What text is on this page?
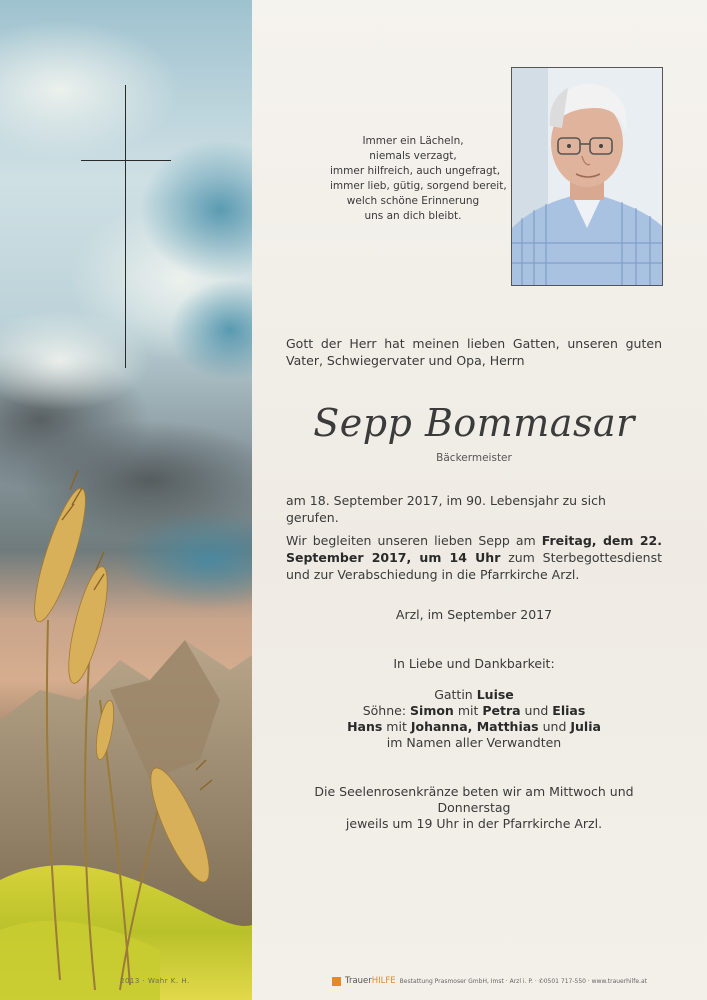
2013 · Wahr K. H.
Immer ein Lächeln,
niemals verzagt,
immer hilfreich, auch ungefragt,
immer lieb, gütig, sorgend bereit,
welch schöne Erinnerung
uns an dich bleibt.
Gott der Herr hat meinen lieben Gatten, unseren guten Vater, Schwiegervater und Opa, Herrn
Sepp Bommasar
Bäckermeister
am 18. September 2017, im 90. Lebensjahr zu sich gerufen.
Wir begleiten unseren lieben Sepp am Freitag, dem 22. September 2017, um 14 Uhr zum Sterbegottesdienst und zur Verabschiedung in die Pfarrkirche Arzl.
Arzl, im September 2017
In Liebe und Dankbarkeit:
Gattin Luise
Söhne: Simon mit Petra und Elias
Hans mit Johanna, Matthias und Julia
im Namen aller Verwandten
Die Seelenrosenkränze beten wir am Mittwoch und Donnerstag
jeweils um 19 Uhr in der Pfarrkirche Arzl.
TrauerHILFE Bestattung Prasmoser GmbH, Imst · Arzl i. P. · ✆0501 717-550 · www.trauerhilfe.at
